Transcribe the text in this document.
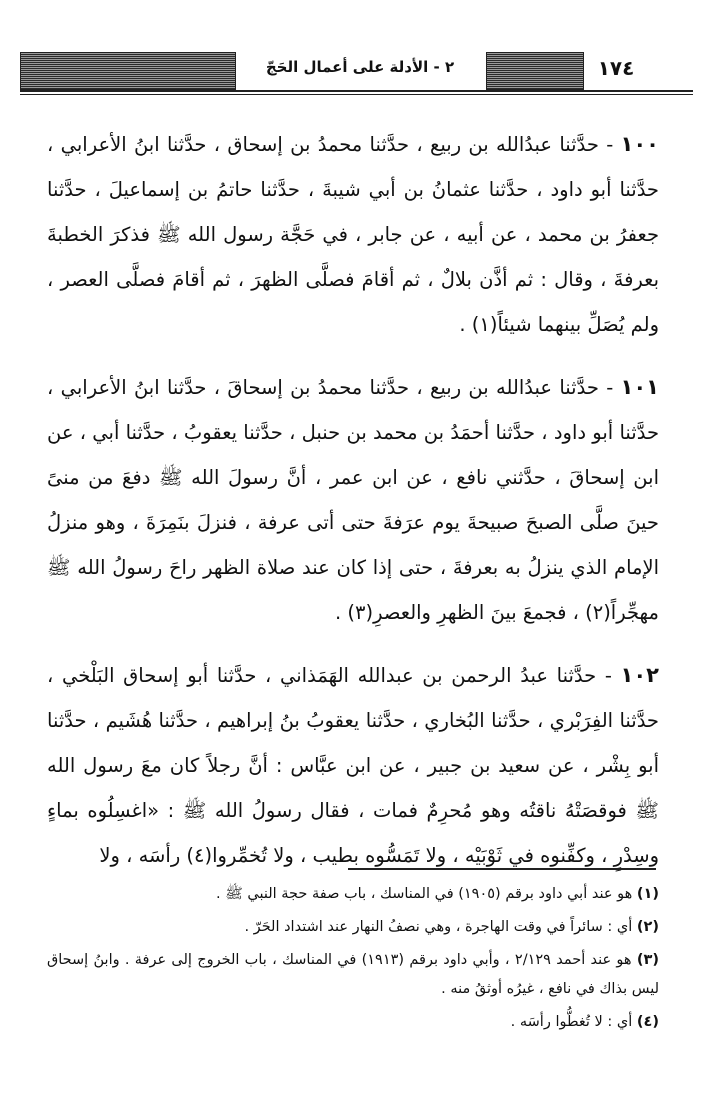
٢ - الأدلة على أعمال الحَجّ	١٧٤

١٠٠ - حدَّثنا عبدُالله بن ربيع ، حدَّثنا محمدُ بن إسحاق ، حدَّثنا ابنُ الأعرابي ، حدَّثنا أبو داود ، حدَّثنا عثمانُ بن أبي شيبةَ ، حدَّثنا حاتمُ بن إسماعيلَ ، حدَّثنا جعفرُ بن محمد ، عن أبيه ، عن جابر ، في حَجَّة رسول الله ﷺ فذكرَ الخطبةَ بعرفةَ ، وقال : ثم أذَّن بلالٌ ، ثم أقامَ فصلَّى الظهرَ ، ثم أقامَ فصلَّى العصر ، ولم يُصَلِّ بينهما شيئاً(١) .

١٠١ - حدَّثنا عبدُالله بن ربيع ، حدَّثنا محمدُ بن إسحاقَ ، حدَّثنا ابنُ الأعرابي ، حدَّثنا أبو داود ، حدَّثنا أحمَدُ بن محمد بن حنبل ، حدَّثنا يعقوبُ ، حدَّثنا أبي ، عن ابن إسحاقَ ، حدَّثني نافع ، عن ابن عمر ، أنَّ رسولَ الله ﷺ دفعَ من منىً حينَ صلَّى الصبحَ صبيحةَ يوم عرَفةَ حتى أتى عرفة ، فنزلَ بنَمِرَةَ ، وهو منزلُ الإمام الذي ينزلُ به بعرفةَ ، حتى إذا كان عند صلاة الظهر راحَ رسولُ الله ﷺ مهجِّراً(٢) ، فجمعَ بينَ الظهرِ والعصرِ(٣) .

١٠٢ - حدَّثنا عبدُ الرحمن بن عبدالله الهَمَذاني ، حدَّثنا أبو إسحاق البَلْخي ، حدَّثنا الفِرَبْري ، حدَّثنا البُخاري ، حدَّثنا يعقوبُ بنُ إبراهيم ، حدَّثنا هُشَيم ، حدَّثنا أبو بِشْر ، عن سعيد بن جبير ، عن ابن عبَّاس : أنَّ رجلاً كان معَ رسول الله ﷺ فوقصَتْهُ ناقتُه وهو مُحرِمٌ فمات ، فقال رسولُ الله ﷺ : «اغسِلُوه بماءٍ وسِدْرٍ ، وكفِّنوه في ثَوْبَيْه ، ولا تَمَسُّوه بطيب ، ولا تُخمِّروا(٤) رأسَه ، ولا

(١) هو عند أبي داود برقم (١٩٠٥) في المناسك ، باب صفة حجة النبي ﷺ .

(٢) أي : سائراً في وقت الهاجرة ، وهي نصفُ النهار عند اشتداد الحَرّ .

(٣) هو عند أحمد ٢/١٢٩ ، وأبي داود برقم (١٩١٣) في المناسك ، باب الخروج إلى عرفة . وابنُ إسحاق ليس بذاك في نافع ، غيرُه أوثقُ منه .

(٤) أي : لا تُغطُّوا رأسَه .
